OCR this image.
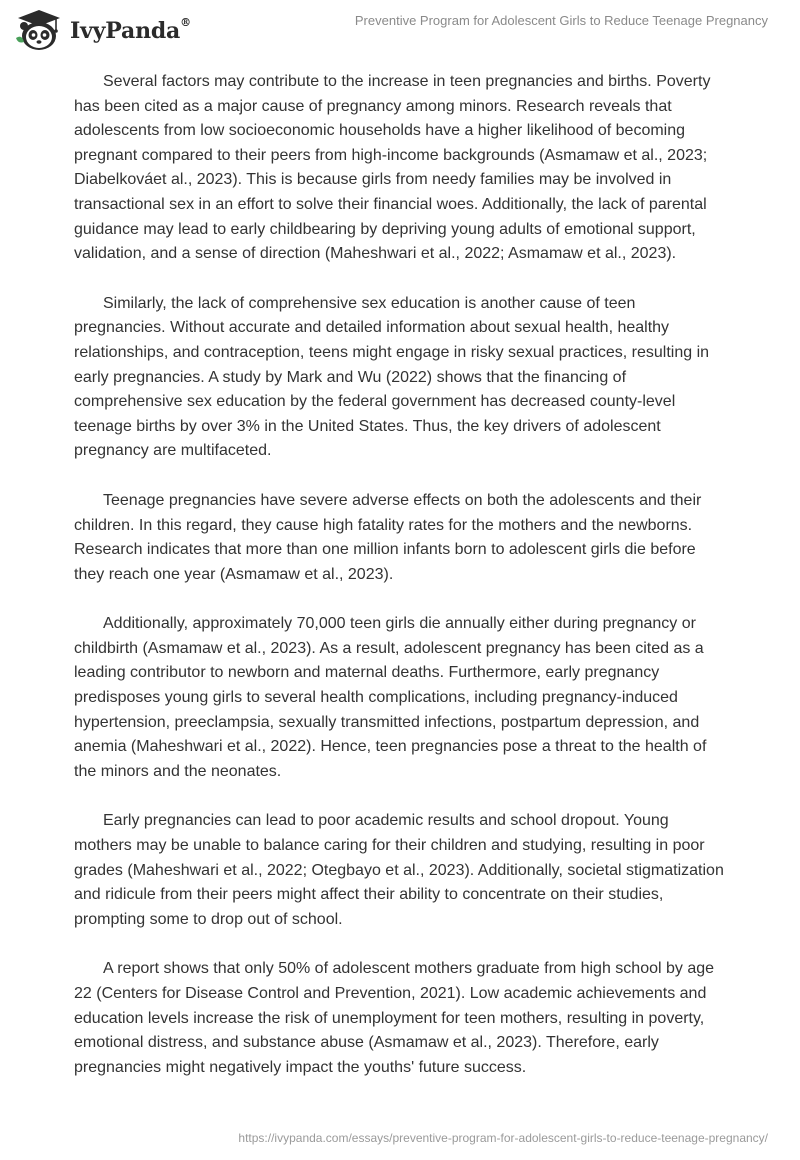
IvyPanda®	Preventive Program for Adolescent Girls to Reduce Teenage Pregnancy

Several factors may contribute to the increase in teen pregnancies and births. Poverty has been cited as a major cause of pregnancy among minors. Research reveals that adolescents from low socioeconomic households have a higher likelihood of becoming pregnant compared to their peers from high-income backgrounds (Asmamaw et al., 2023; Diabelkováet al., 2023). This is because girls from needy families may be involved in transactional sex in an effort to solve their financial woes. Additionally, the lack of parental guidance may lead to early childbearing by depriving young adults of emotional support, validation, and a sense of direction (Maheshwari et al., 2022; Asmamaw et al., 2023).

Similarly, the lack of comprehensive sex education is another cause of teen pregnancies. Without accurate and detailed information about sexual health, healthy relationships, and contraception, teens might engage in risky sexual practices, resulting in early pregnancies. A study by Mark and Wu (2022) shows that the financing of comprehensive sex education by the federal government has decreased county-level teenage births by over 3% in the United States. Thus, the key drivers of adolescent pregnancy are multifaceted.

Teenage pregnancies have severe adverse effects on both the adolescents and their children. In this regard, they cause high fatality rates for the mothers and the newborns. Research indicates that more than one million infants born to adolescent girls die before they reach one year (Asmamaw et al., 2023).

Additionally, approximately 70,000 teen girls die annually either during pregnancy or childbirth (Asmamaw et al., 2023). As a result, adolescent pregnancy has been cited as a leading contributor to newborn and maternal deaths. Furthermore, early pregnancy predisposes young girls to several health complications, including pregnancy-induced hypertension, preeclampsia, sexually transmitted infections, postpartum depression, and anemia (Maheshwari et al., 2022). Hence, teen pregnancies pose a threat to the health of the minors and the neonates.

Early pregnancies can lead to poor academic results and school dropout. Young mothers may be unable to balance caring for their children and studying, resulting in poor grades (Maheshwari et al., 2022; Otegbayo et al., 2023). Additionally, societal stigmatization and ridicule from their peers might affect their ability to concentrate on their studies, prompting some to drop out of school.

A report shows that only 50% of adolescent mothers graduate from high school by age 22 (Centers for Disease Control and Prevention, 2021). Low academic achievements and education levels increase the risk of unemployment for teen mothers, resulting in poverty, emotional distress, and substance abuse (Asmamaw et al., 2023). Therefore, early pregnancies might negatively impact the youths' future success.

https://ivypanda.com/essays/preventive-program-for-adolescent-girls-to-reduce-teenage-pregnancy/
